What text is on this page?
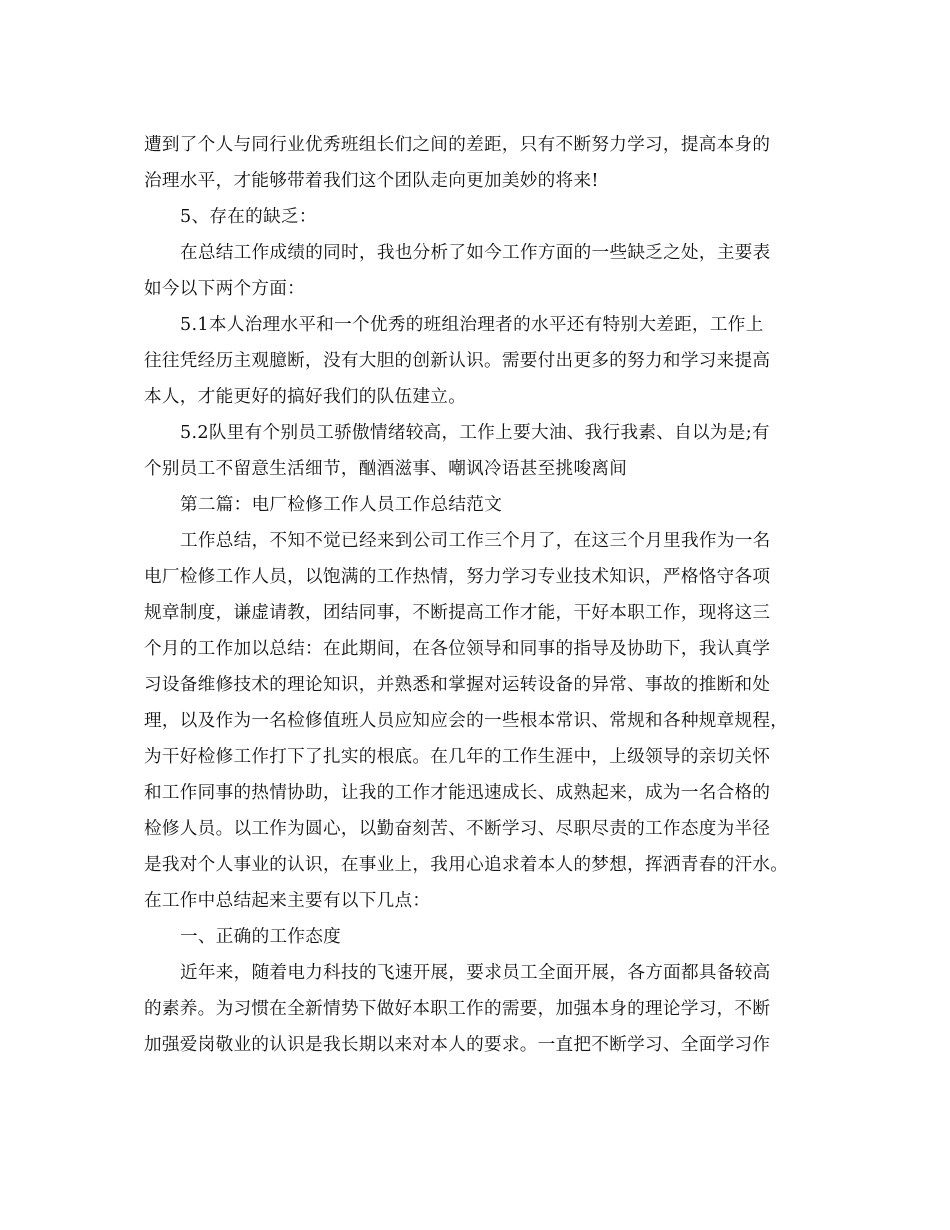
遭到了个人与同行业优秀班组长们之间的差距，只有不断努力学习，提高本身的
治理水平，才能够带着我们这个团队走向更加美妙的将来!
5、存在的缺乏：
在总结工作成绩的同时，我也分析了如今工作方面的一些缺乏之处，主要表
如今以下两个方面：
5.1本人治理水平和一个优秀的班组治理者的水平还有特别大差距，工作上
往往凭经历主观臆断，没有大胆的创新认识。需要付出更多的努力和学习来提高
本人，才能更好的搞好我们的队伍建立。
5.2队里有个别员工骄傲情绪较高，工作上要大油、我行我素、自以为是;有
个别员工不留意生活细节，酗酒滋事、嘲讽冷语甚至挑唆离间
第二篇：电厂检修工作人员工作总结范文
工作总结，不知不觉已经来到公司工作三个月了，在这三个月里我作为一名
电厂检修工作人员，以饱满的工作热情，努力学习专业技术知识，严格恪守各项
规章制度，谦虚请教，团结同事，不断提高工作才能，干好本职工作，现将这三
个月的工作加以总结：在此期间，在各位领导和同事的指导及协助下，我认真学
习设备维修技术的理论知识，并熟悉和掌握对运转设备的异常、事故的推断和处
理，以及作为一名检修值班人员应知应会的一些根本常识、常规和各种规章规程，
为干好检修工作打下了扎实的根底。在几年的工作生涯中，上级领导的亲切关怀
和工作同事的热情协助，让我的工作才能迅速成长、成熟起来，成为一名合格的
检修人员。以工作为圆心，以勤奋刻苦、不断学习、尽职尽责的工作态度为半径
是我对个人事业的认识，在事业上，我用心追求着本人的梦想，挥洒青春的汗水。
在工作中总结起来主要有以下几点：
一、正确的工作态度
近年来，随着电力科技的飞速开展，要求员工全面开展，各方面都具备较高
的素养。为习惯在全新情势下做好本职工作的需要，加强本身的理论学习，不断
加强爱岗敬业的认识是我长期以来对本人的要求。一直把不断学习、全面学习作
